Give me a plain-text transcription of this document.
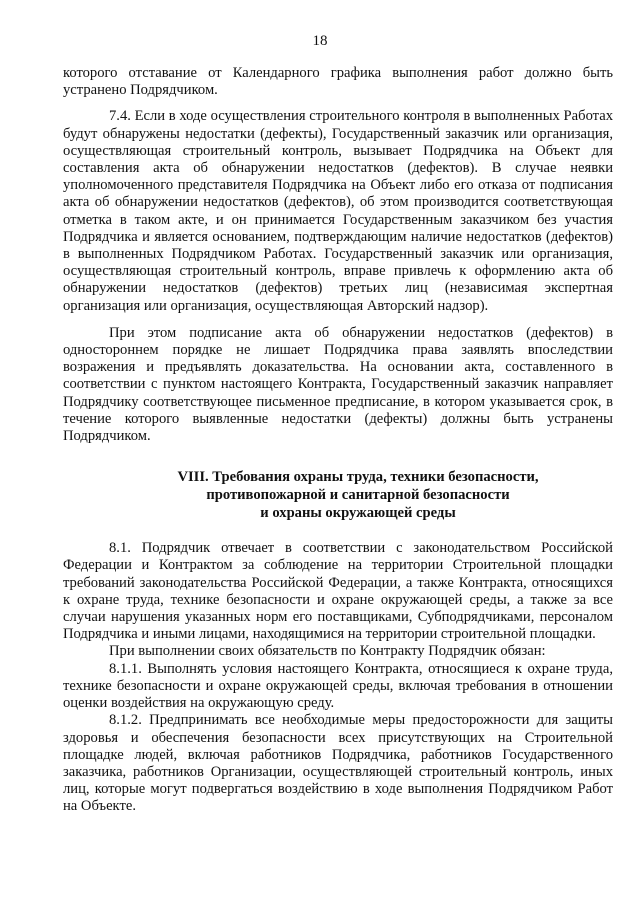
18

которого отставание от Календарного графика выполнения работ должно быть устранено Подрядчиком.

7.4. Если в ходе осуществления строительного контроля в выполненных Работах будут обнаружены недостатки (дефекты), Государственный заказчик или организация, осуществляющая строительный контроль, вызывает Подрядчика на Объект для составления акта об обнаружении недостатков (дефектов). В случае неявки уполномоченного представителя Подрядчика на Объект либо его отказа от подписания акта об обнаружении недостатков (дефектов), об этом производится соответствующая отметка в таком акте, и он принимается Государственным заказчиком без участия Подрядчика и является основанием, подтверждающим наличие недостатков (дефектов) в выполненных Подрядчиком Работах. Государственный заказчик или организация, осуществляющая строительный контроль, вправе привлечь к оформлению акта об обнаружении недостатков (дефектов) третьих лиц (независимая экспертная организация или организация, осуществляющая Авторский надзор).

При этом подписание акта об обнаружении недостатков (дефектов) в одностороннем порядке не лишает Подрядчика права заявлять впоследствии возражения и предъявлять доказательства. На основании акта, составленного в соответствии с пунктом настоящего Контракта, Государственный заказчик направляет Подрядчику соответствующее письменное предписание, в котором указывается срок, в течение которого выявленные недостатки (дефекты) должны быть устранены Подрядчиком.

VIII. Требования охраны труда, техники безопасности,
противопожарной и санитарной безопасности
и охраны окружающей среды

8.1. Подрядчик отвечает в соответствии с законодательством Российской Федерации и Контрактом за соблюдение на территории Строительной площадки требований законодательства Российской Федерации, а также Контракта, относящихся к охране труда, технике безопасности и охране окружающей среды, а также за все случаи нарушения указанных норм его поставщиками, Субподрядчиками, персоналом Подрядчика и иными лицами, находящимися на территории строительной площадки.

При выполнении своих обязательств по Контракту Подрядчик обязан:

8.1.1. Выполнять условия настоящего Контракта, относящиеся к охране труда, технике безопасности и охране окружающей среды, включая требования в отношении оценки воздействия на окружающую среду.

8.1.2. Предпринимать все необходимые меры предосторожности для защиты здоровья и обеспечения безопасности всех присутствующих на Строительной площадке людей, включая работников Подрядчика, работников Государственного заказчика, работников Организации, осуществляющей строительный контроль, иных лиц, которые могут подвергаться воздействию в ходе выполнения Подрядчиком Работ на Объекте.
